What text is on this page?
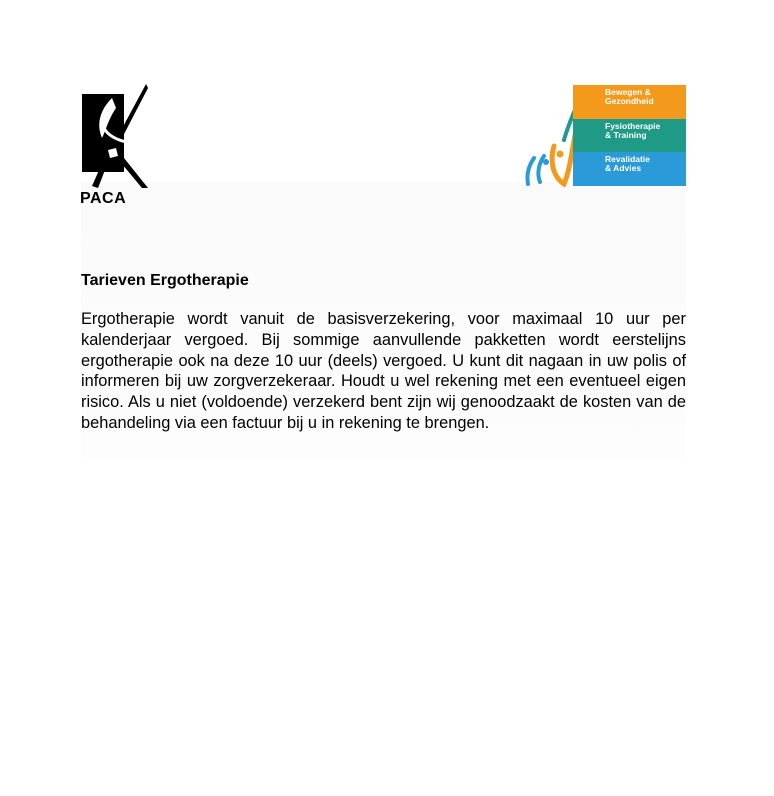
PACA
Bewegen &
Gezondheid
Fysiotherapie
& Training
Revalidatie
& Advies
Tarieven Ergotherapie

Ergotherapie wordt vanuit de basisverzekering, voor maximaal 10 uur per kalenderjaar vergoed. Bij sommige aanvullende pakketten wordt eerstelijns ergotherapie ook na deze 10 uur (deels) vergoed. U kunt dit nagaan in uw polis of informeren bij uw zorgverzekeraar. Houdt u wel rekening met een eventueel eigen risico. Als u niet (voldoende) verzekerd bent zijn wij genoodzaakt de kosten van de behandeling via een factuur bij u in rekening te brengen.
